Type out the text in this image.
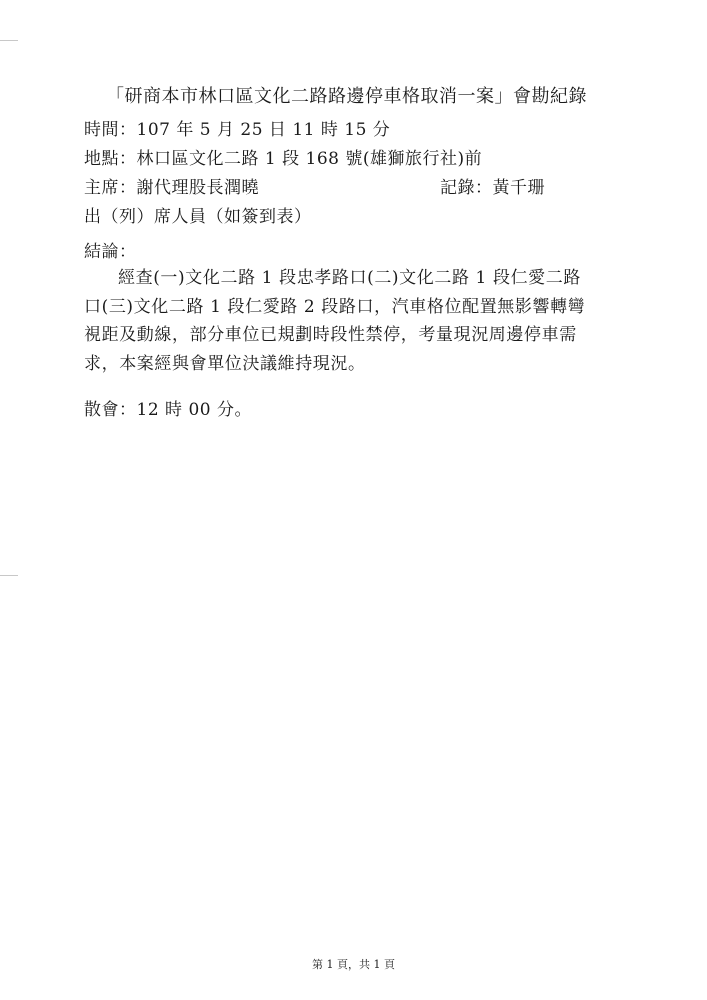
「研商本市林口區文化二路路邊停車格取消一案」會勘紀錄
時間：107 年 5 月 25 日 11 時 15 分
地點：林口區文化二路 1 段 168 號(雄獅旅行社)前
主席：謝代理股長潤曉	記錄：黃千珊
出（列）席人員（如簽到表）
結論：
經查(一)文化二路 1 段忠孝路口(二)文化二路 1 段仁愛二路
口(三)文化二路 1 段仁愛路 2 段路口，汽車格位配置無影響轉彎
視距及動線，部分車位已規劃時段性禁停，考量現況周邊停車需
求，本案經與會單位決議維持現況。
散會：12 時 00 分。
第 1 頁，共 1 頁
